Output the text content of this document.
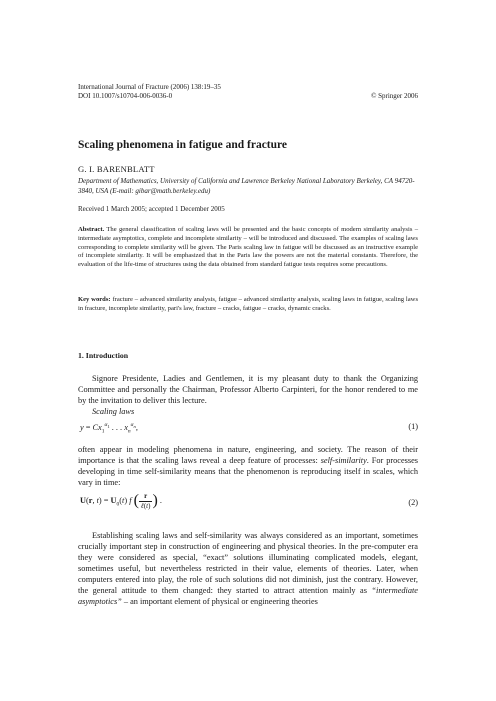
International Journal of Fracture (2006) 138:19–35
DOI 10.1007/s10704-006-0036-0	© Springer 2006
Scaling phenomena in fatigue and fracture
G. I. BARENBLATT
Department of Mathematics, University of California and Lawrence Berkeley National Laboratory Berkeley, CA 94720-3840, USA (E-mail: gibar@math.berkeley.edu)
Received 1 March 2005; accepted 1 December 2005
Abstract. The general classification of scaling laws will be presented and the basic concepts of modern similarity analysis – intermediate asymptotics, complete and incomplete similarity – will be introduced and discussed. The examples of scaling laws corresponding to complete similarity will be given. The Paris scaling law in fatigue will be discussed as an instructive example of incomplete similarity. It will be emphasized that in the Paris law the powers are not the material constants. Therefore, the evaluation of the life-time of structures using the data obtained from standard fatigue tests requires some precautions.
Key words: fracture – advanced similarity analysis, fatigue – advanced similarity analysis, scaling laws in fatigue, scaling laws in fracture, incomplete similarity, pari's law, fracture – cracks, fatigue – cracks, dynamic cracks.
1. Introduction
Signore Presidente, Ladies and Gentlemen, it is my pleasant duty to thank the Organizing Committee and personally the Chairman, Professor Alberto Carpinteri, for the honor rendered to me by the invitation to deliver this lecture.
Scaling laws
$y = Cx_1^{\alpha_1}$ . . . $x_n^{\alpha_n}$,	(1)
often appear in modeling phenomena in nature, engineering, and society. The reason of their importance is that the scaling laws reveal a deep feature of processes: self-similarity. For processes developing in time self-similarity means that the phenomenon is reproducing itself in scales, which vary in time:
U(r, $t) = U_0(t)$ f ( $\frac{r}{\text{ℓ(t)}}$ ) .	(2)
Establishing scaling laws and self-similarity was always considered as an important, sometimes crucially important step in construction of engineering and physical theories. In the pre-computer era they were considered as special, “exact” solutions illuminating complicated models, elegant, sometimes useful, but nevertheless restricted in their value, elements of theories. Later, when computers entered into play, the role of such solutions did not diminish, just the contrary. However, the general attitude to them changed: they started to attract attention mainly as “intermediate asymptotics” – an important element of physical or engineering theories
